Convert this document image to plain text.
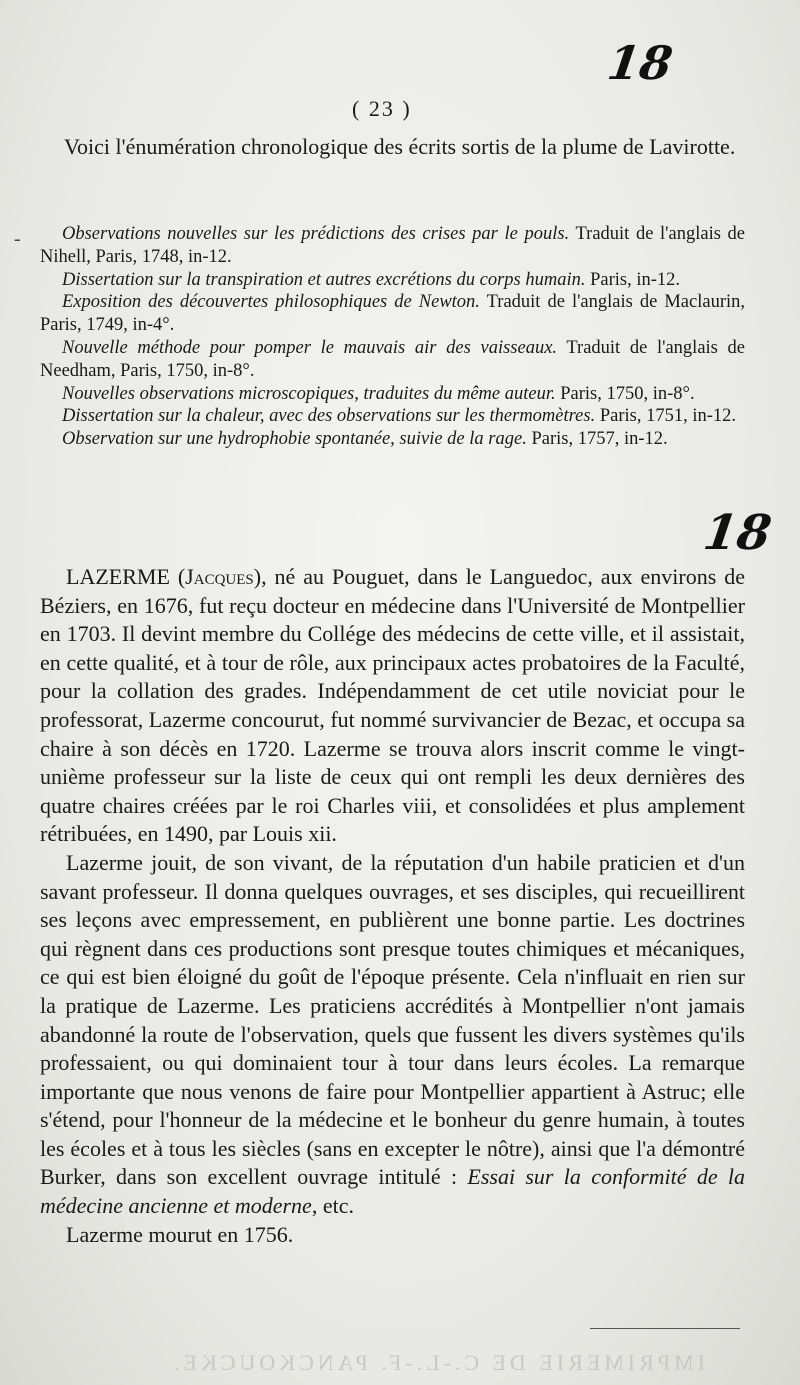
18
( 23 )
-
Voici l'énumération chronologique des écrits sortis de la plume de Lavirotte.

Observations nouvelles sur les prédictions des crises par le pouls. Traduit de l'anglais de Nihell, Paris, 1748, in-12.

Dissertation sur la transpiration et autres excrétions du corps humain. Paris, in-12.

Exposition des découvertes philosophiques de Newton. Traduit de l'anglais de Maclaurin, Paris, 1749, in-4°.

Nouvelle méthode pour pomper le mauvais air des vaisseaux. Traduit de l'anglais de Needham, Paris, 1750, in-8°.

Nouvelles observations microscopiques, traduites du même auteur. Paris, 1750, in-8°.

Dissertation sur la chaleur, avec des observations sur les thermomètres. Paris, 1751, in-12.

Observation sur une hydrophobie spontanée, suivie de la rage. Paris, 1757, in-12.

18

LAZERME (Jacques), né au Pouguet, dans le Languedoc, aux environs de Béziers, en 1676, fut reçu docteur en médecine dans l'Université de Montpellier en 1703. Il devint membre du Collége des médecins de cette ville, et il assistait, en cette qualité, et à tour de rôle, aux principaux actes probatoires de la Faculté, pour la collation des grades. Indépendamment de cet utile noviciat pour le professorat, Lazerme concourut, fut nommé survivancier de Bezac, et occupa sa chaire à son décès en 1720. Lazerme se trouva alors inscrit comme le vingt-unième professeur sur la liste de ceux qui ont rempli les deux dernières des quatre chaires créées par le roi Charles viii, et consolidées et plus amplement rétribuées, en 1490, par Louis xii.

Lazerme jouit, de son vivant, de la réputation d'un habile praticien et d'un savant professeur. Il donna quelques ouvrages, et ses disciples, qui recueillirent ses leçons avec empressement, en publièrent une bonne partie. Les doctrines qui règnent dans ces productions sont presque toutes chimiques et mécaniques, ce qui est bien éloigné du goût de l'époque présente. Cela n'influait en rien sur la pratique de Lazerme. Les praticiens accrédités à Montpellier n'ont jamais abandonné la route de l'observation, quels que fussent les divers systèmes qu'ils professaient, ou qui dominaient tour à tour dans leurs écoles. La remarque importante que nous venons de faire pour Montpellier appartient à Astruc; elle s'étend, pour l'honneur de la médecine et le bonheur du genre humain, à toutes les écoles et à tous les siècles (sans en excepter le nôtre), ainsi que l'a démontré Burker, dans son excellent ouvrage intitulé : Essai sur la conformité de la médecine ancienne et moderne, etc.

Lazerme mourut en 1756.

IMPRIMERIE DE C.-L.-F. PANCKOUCKE.
